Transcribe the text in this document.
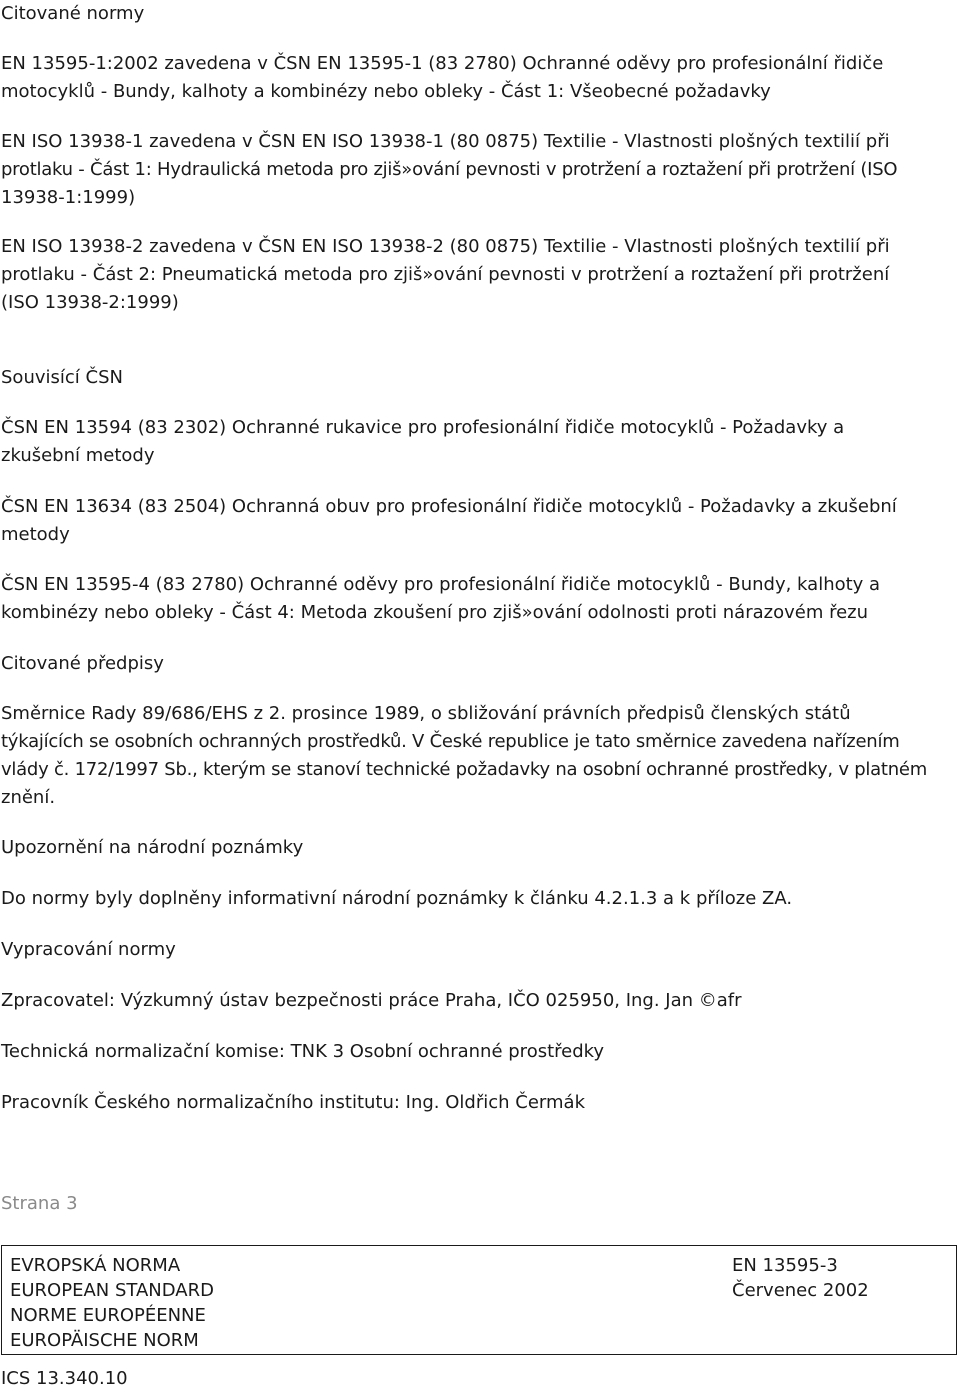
Citované normy
EN 13595-1:2002 zavedena v ČSN EN 13595-1 (83 2780) Ochranné oděvy pro profesionální řidiče
motocyklů - Bundy, kalhoty a kombinézy nebo obleky - Část 1: Všeobecné požadavky
EN ISO 13938-1 zavedena v ČSN EN ISO 13938-1 (80 0875) Textilie - Vlastnosti plošných textilií při
protlaku - Část 1: Hydraulická metoda pro zjiš»ování pevnosti v protržení a roztažení při protržení (ISO
13938-1:1999)
EN ISO 13938-2 zavedena v ČSN EN ISO 13938-2 (80 0875) Textilie - Vlastnosti plošných textilií při
protlaku - Část 2: Pneumatická metoda pro zjiš»ování pevnosti v protržení a roztažení při protržení
(ISO 13938-2:1999)
Souvisící ČSN
ČSN EN 13594 (83 2302) Ochranné rukavice pro profesionální řidiče motocyklů - Požadavky a
zkušební metody
ČSN EN 13634 (83 2504) Ochranná obuv pro profesionální řidiče motocyklů - Požadavky a zkušební
metody
ČSN EN 13595-4 (83 2780) Ochranné oděvy pro profesionální řidiče motocyklů - Bundy, kalhoty a
kombinézy nebo obleky - Část 4: Metoda zkoušení pro zjiš»ování odolnosti proti nárazovém řezu
Citované předpisy
Směrnice Rady 89/686/EHS z 2. prosince 1989, o sbližování právních předpisů členských států
týkajících se osobních ochranných prostředků. V České republice je tato směrnice zavedena nařízením
vlády č. 172/1997 Sb., kterým se stanoví technické požadavky na osobní ochranné prostředky, v platném
znění.
Upozornění na národní poznámky
Do normy byly doplněny informativní národní poznámky k článku 4.2.1.3 a k příloze ZA.
Vypracování normy
Zpracovatel: Výzkumný ústav bezpečnosti práce Praha, IČO 025950, Ing. Jan ©afr
Technická normalizační komise: TNK 3 Osobní ochranné prostředky
Pracovník Českého normalizačního institutu: Ing. Oldřich Čermák
Strana 3
EVROPSKÁ NORMA
EUROPEAN STANDARD
NORME EUROPÉENNE
EUROPÄISCHE NORM
EN 13595-3
Červenec 2002
ICS 13.340.10
